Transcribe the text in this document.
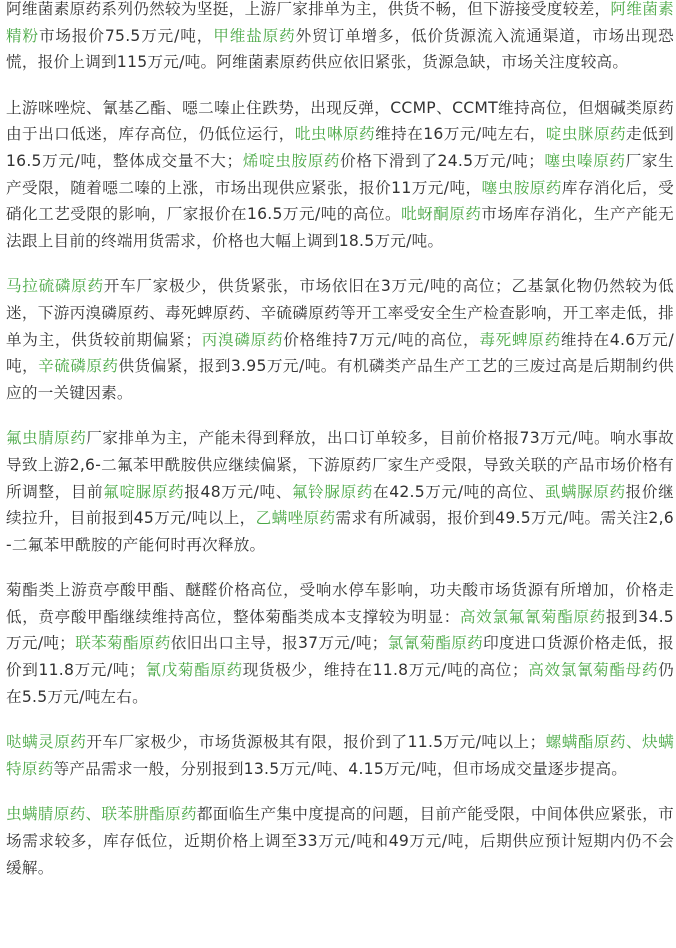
阿维菌素原药系列仍然较为坚挺，上游厂家排单为主，供货不畅，但下游接受度较差，阿维菌素精粉市场报价75.5万元/吨，甲维盐原药外贸订单增多，低价货源流入流通渠道，市场出现恐慌，报价上调到115万元/吨。阿维菌素原药供应依旧紧张，货源急缺，市场关注度较高。

上游咪唑烷、氰基乙酯、噁二嗪止住跌势，出现反弹，CCMP、CCMT维持高位，但烟碱类原药由于出口低迷，库存高位，仍低位运行，吡虫啉原药维持在16万元/吨左右，啶虫脒原药走低到16.5万元/吨，整体成交量不大；烯啶虫胺原药价格下滑到了24.5万元/吨；噻虫嗪原药厂家生产受限，随着噁二嗪的上涨，市场出现供应紧张，报价11万元/吨，噻虫胺原药库存消化后，受硝化工艺受限的影响，厂家报价在16.5万元/吨的高位。吡蚜酮原药市场库存消化，生产产能无法跟上目前的终端用货需求，价格也大幅上调到18.5万元/吨。

马拉硫磷原药开车厂家极少，供货紧张，市场依旧在3万元/吨的高位；乙基氯化物仍然较为低迷，下游丙溴磷原药、毒死蜱原药、辛硫磷原药等开工率受安全生产检查影响，开工率走低，排单为主，供货较前期偏紧；丙溴磷原药价格维持7万元/吨的高位，毒死蜱原药维持在4.6万元/吨，辛硫磷原药供货偏紧，报到3.95万元/吨。有机磷类产品生产工艺的三废过高是后期制约供应的一关键因素。

氟虫腈原药厂家排单为主，产能未得到释放，出口订单较多，目前价格报73万元/吨。响水事故导致上游2,6-二氟苯甲酰胺供应继续偏紧，下游原药厂家生产受限，导致关联的产品市场价格有所调整，目前氟啶脲原药报48万元/吨、氟铃脲原药在42.5万元/吨的高位、虱螨脲原药报价继续拉升，目前报到45万元/吨以上，乙螨唑原药需求有所减弱，报价到49.5万元/吨。需关注2,6-二氟苯甲酰胺的产能何时再次释放。

菊酯类上游贲亭酸甲酯、醚醛价格高位，受响水停车影响，功夫酸市场货源有所增加，价格走低，贲亭酸甲酯继续维持高位，整体菊酯类成本支撑较为明显：高效氯氟氰菊酯原药报到34.5万元/吨；联苯菊酯原药依旧出口主导，报37万元/吨；氯氰菊酯原药印度进口货源价格走低，报价到11.8万元/吨；氰戊菊酯原药现货极少，维持在11.8万元/吨的高位；高效氯氰菊酯母药仍在5.5万元/吨左右。

哒螨灵原药开车厂家极少，市场货源极其有限，报价到了11.5万元/吨以上；螺螨酯原药、炔螨特原药等产品需求一般，分别报到13.5万元/吨、4.15万元/吨，但市场成交量逐步提高。

虫螨腈原药、联苯肼酯原药都面临生产集中度提高的问题，目前产能受限，中间体供应紧张，市场需求较多，库存低位，近期价格上调至33万元/吨和49万元/吨，后期供应预计短期内仍不会缓解。
